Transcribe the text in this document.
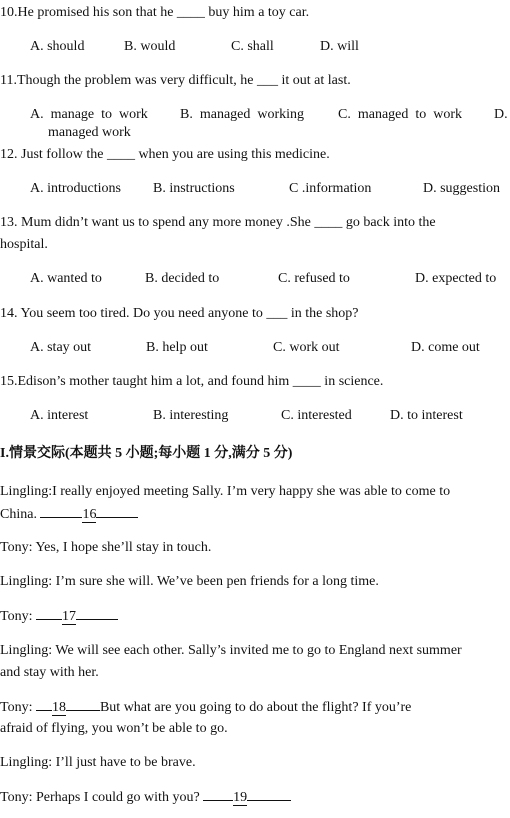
10.He promised his son that he ____ buy him a toy car.
A. should	B. would	C. shall	D. will
11.Though the problem was very difficult, he ___ it out at last.
A.  manage  to  work B.  managed  working C.  managed  to  work D.
managed work
12. Just follow the ____ when you are using this medicine.
A. introductions B. instructions	C .information	D. suggestion
13. Mum didn’t want us to spend any more money .She ____ go back into the
hospital.
A. wanted to	B. decided to	C. refused to	D. expected to
14. You seem too tired. Do you need anyone to ___ in the shop?
A. stay out	B. help out	C. work out	D. come out
15.Edison’s mother taught him a lot, and found him ____ in science.
A. interest	B. interesting	C. interested	D. to interest
I.情景交际(本题共 5 小题;每小题 1 分,满分 5 分)
Lingling:I really enjoyed meeting Sally. I’m very happy she was able to come to
China.	16
Tony: Yes, I hope she’ll stay in touch.
Lingling: I’m sure she will. We’ve been pen friends for a long time.
Tony: 17
Lingling: We will see each other. Sally’s invited me to go to England next summer
and stay with her.
Tony: 18 But what are you going to do about the flight? If you’re
afraid of flying, you won’t be able to go.
Lingling: I’ll just have to be brave.
Tony: Perhaps I could go with you? 19
